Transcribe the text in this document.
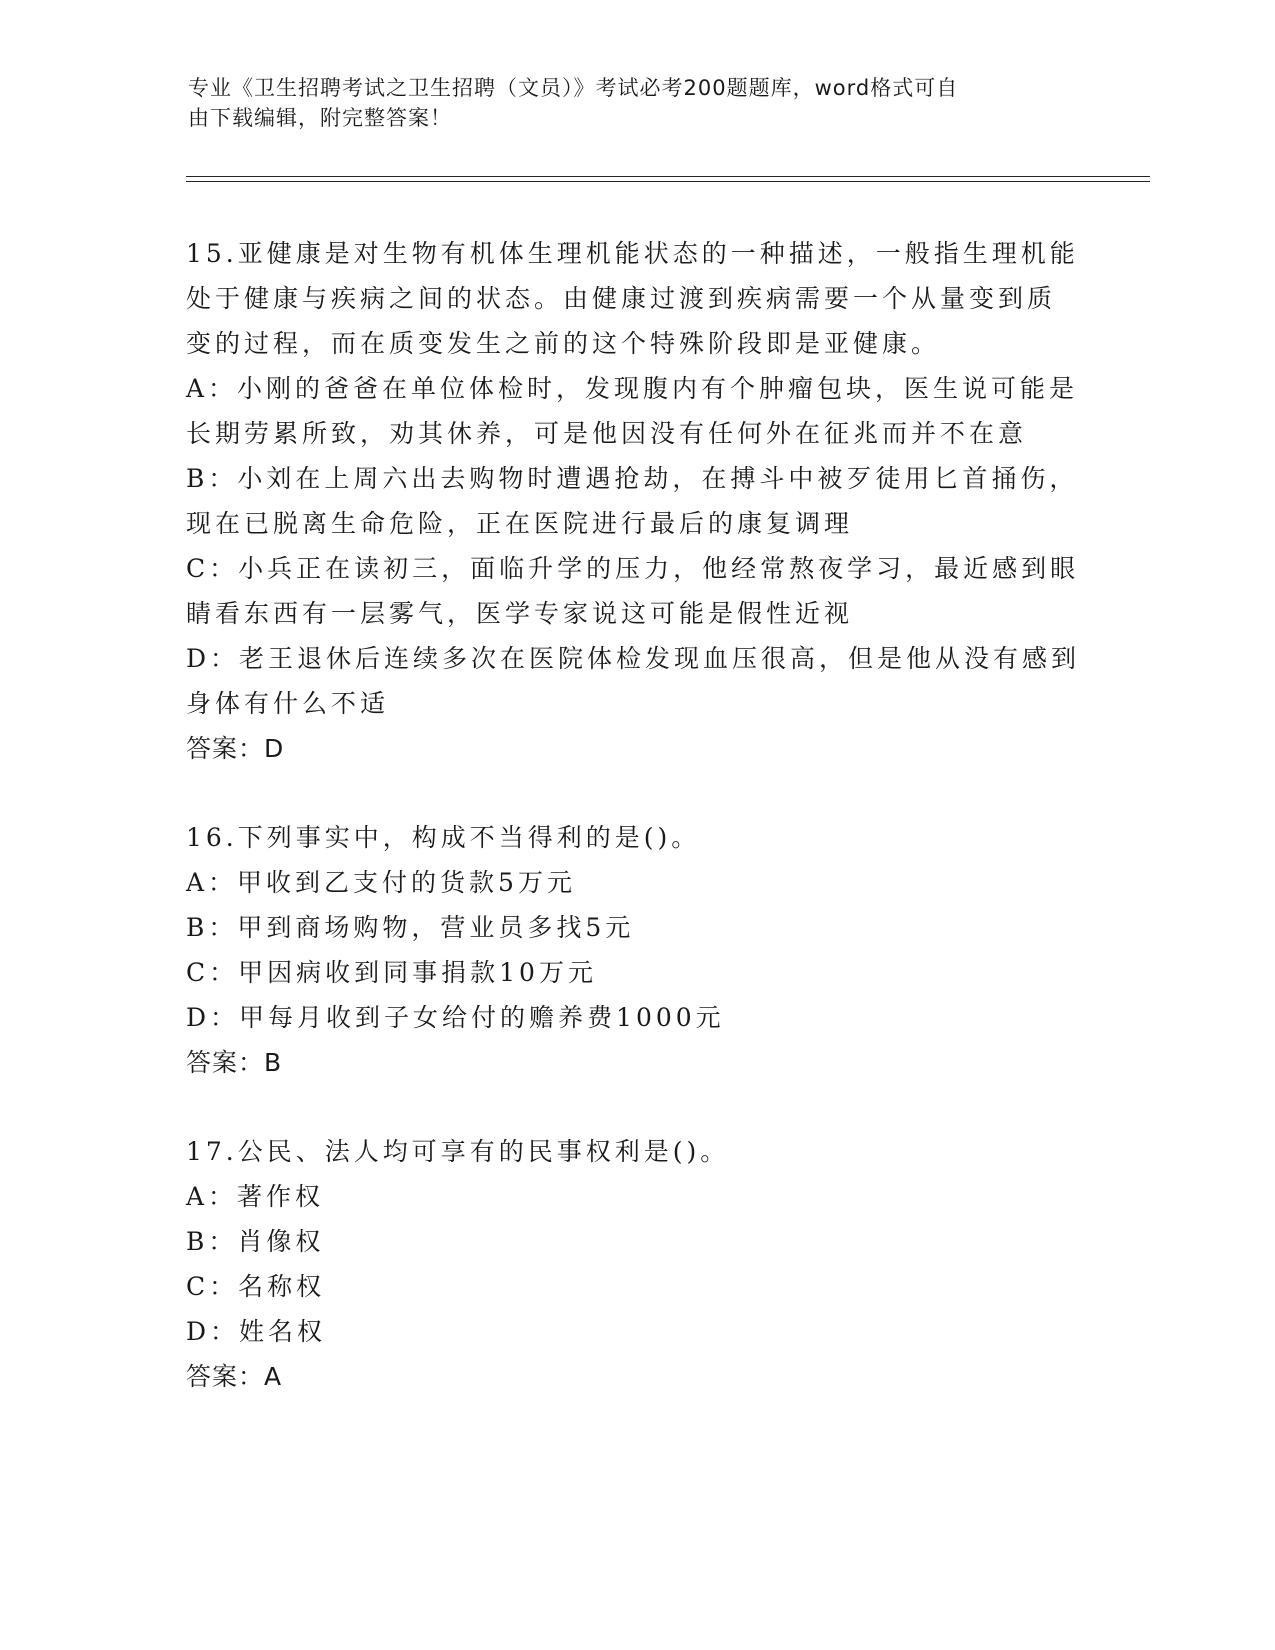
专业《卫生招聘考试之卫生招聘（文员）》考试必考200题题库，word格式可自
由下载编辑，附完整答案！
15.亚健康是对生物有机体生理机能状态的一种描述，一般指生理机能
处于健康与疾病之间的状态。由健康过渡到疾病需要一个从量变到质
变的过程，而在质变发生之前的这个特殊阶段即是亚健康。
A：小刚的爸爸在单位体检时，发现腹内有个肿瘤包块，医生说可能是
长期劳累所致，劝其休养，可是他因没有任何外在征兆而并不在意
B：小刘在上周六出去购物时遭遇抢劫，在搏斗中被歹徒用匕首捅伤，
现在已脱离生命危险，正在医院进行最后的康复调理
C：小兵正在读初三，面临升学的压力，他经常熬夜学习，最近感到眼
睛看东西有一层雾气，医学专家说这可能是假性近视
D：老王退休后连续多次在医院体检发现血压很高，但是他从没有感到
身体有什么不适
答案：D
16.下列事实中，构成不当得利的是()。
A：甲收到乙支付的货款5万元
B：甲到商场购物，营业员多找5元
C：甲因病收到同事捐款10万元
D：甲每月收到子女给付的赡养费1000元
答案：B
17.公民、法人均可享有的民事权利是()。
A：著作权
B：肖像权
C：名称权
D：姓名权
答案：A
